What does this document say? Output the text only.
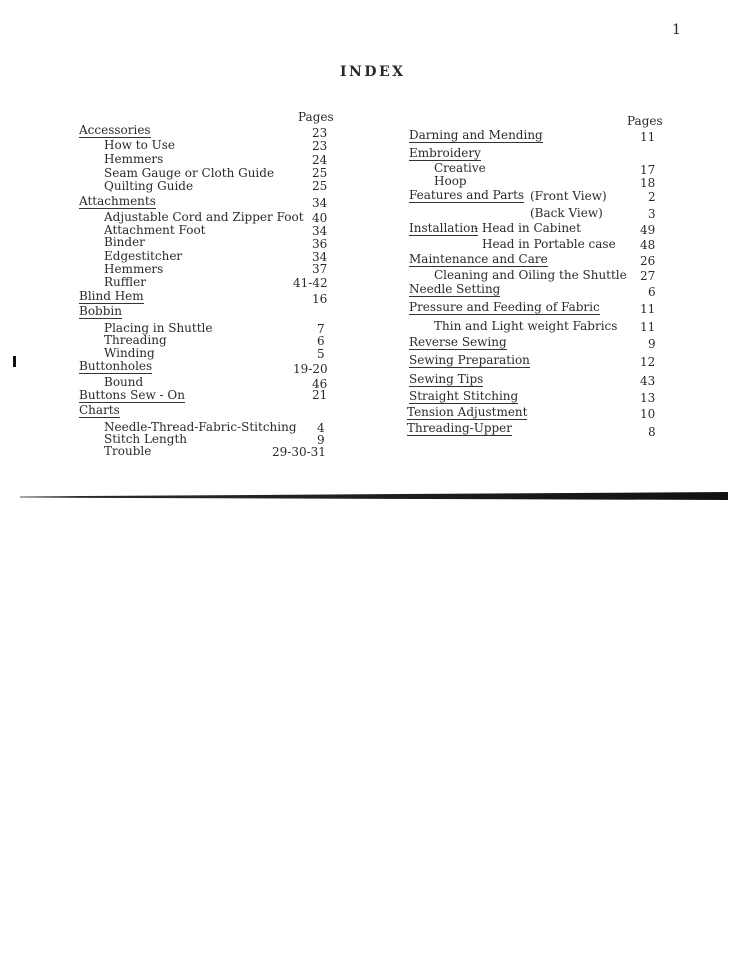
1
INDEX
Pages
Accessories	23
How to Use	23
Hemmers	24
Seam Gauge or Cloth Guide	25
Quilting Guide	25
Attachments	34
Adjustable Cord and Zipper Foot 40
Attachment Foot	34
Binder	36
Edgestitcher	34
Hemmers	37
Ruffler	41-42
Blind Hem	16
Bobbin
Placing in Shuttle	7
Threading	6
Winding	5
Buttonholes	19-20
Bound	46
Buttons Sew - On	21
Charts
Needle-Thread-Fabric-Stitching 4
Stitch Length	9
Trouble	29-30-31
Pages
Darning and Mending	11
Embroidery
Creative	17
Hoop	18
Features and Parts (Front View)	2
(Back View)	3
Installation
- Head in Cabinet	49
Head in Portable case 48
Maintenance and Care	26
Cleaning and Oiling the Shuttle 27
Needle Setting	6
Pressure and Feeding of Fabric	11
Thin and Light weight Fabrics 11
Reverse Sewing	9
Sewing Preparation	12
Sewing Tips	43
Straight Stitching	13
Tension Adjustment	10
Threading-Upper	8
